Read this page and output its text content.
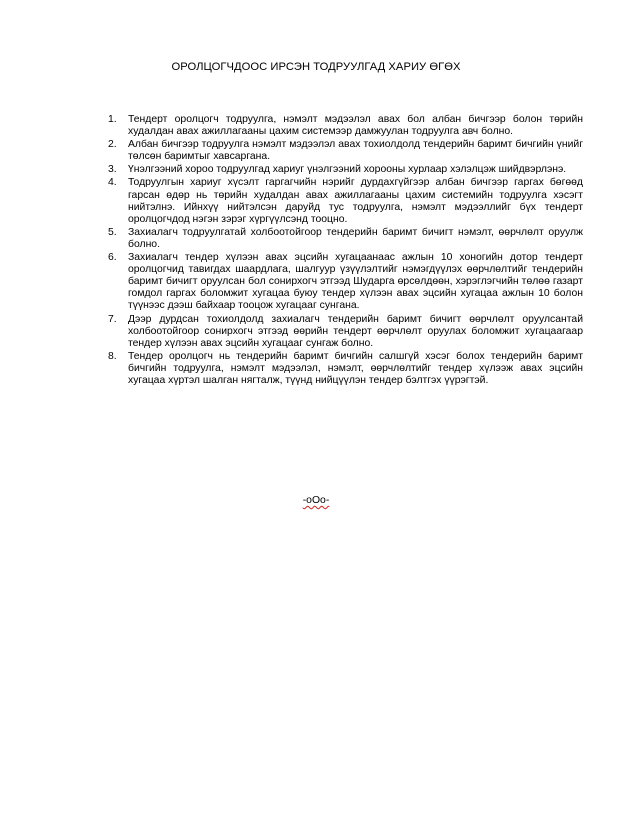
ОРОЛЦОГЧДООС ИРСЭН ТОДРУУЛГАД ХАРИУ ӨГӨХ
1. Тендерт оролцогч тодруулга, нэмэлт мэдээлэл авах бол албан бичгээр болон төрийн худалдан авах ажиллагааны цахим системээр дамжуулан тодруулга авч болно.
2. Албан бичгээр тодруулга нэмэлт мэдээлэл авах тохиолдолд тендерийн баримт бичгийн үнийг төлсөн баримтыг хавсаргана.
3. Үнэлгээний хороо тодруулгад хариуг үнэлгээний хорооны хурлаар хэлэлцэж шийдвэрлэнэ.
4. Тодруулгын хариуг хүсэлт гаргагчийн нэрийг дурдахгүйгээр албан бичгээр гаргах бөгөөд гарсан өдөр нь төрийн худалдан авах ажиллагааны цахим системийн тодруулга хэсэгт нийтэлнэ. Ийнхүү нийтэлсэн даруйд тус тодруулга, нэмэлт мэдээллийг бүх тендерт оролцогчдод нэгэн зэрэг хүргүүлсэнд тооцно.
5. Захиалагч тодруулгатай холбоотойгоор тендерийн баримт бичигт нэмэлт, өөрчлөлт оруулж болно.
6. Захиалагч тендер хүлээн авах эцсийн хугацаанаас ажлын 10 хоногийн дотор тендерт оролцогчид тавигдах шаардлага, шалгуур үзүүлэлтийг нэмэгдүүлэх өөрчлөлтийг тендерийн баримт бичигт оруулсан бол сонирхогч этгээд Шударга өрсөлдөөн, хэрэглэгчийн төлөө газарт гомдол гаргах боломжит хугацаа буюу тендер хүлээн авах эцсийн хугацаа ажлын 10 болон түүнээс дээш байхаар тооцож хугацааг сунгана.
7. Дээр дурдсан тохиолдолд захиалагч тендерийн баримт бичигт өөрчлөлт оруулсантай холбоотойгоор сонирхогч этгээд өөрийн тендерт өөрчлөлт оруулах боломжит хугацаагаар тендер хүлээн авах эцсийн хугацааг сунгаж болно.
8. Тендер оролцогч нь тендерийн баримт бичгийн салшгүй хэсэг болох тендерийн баримт бичгийн тодруулга, нэмэлт мэдээлэл, нэмэлт, өөрчлөлтийг тендер хүлээж авах эцсийн хугацаа хүртэл шалган нягталж, түүнд нийцүүлэн тендер бэлтгэх үүрэгтэй.
-oOo-
